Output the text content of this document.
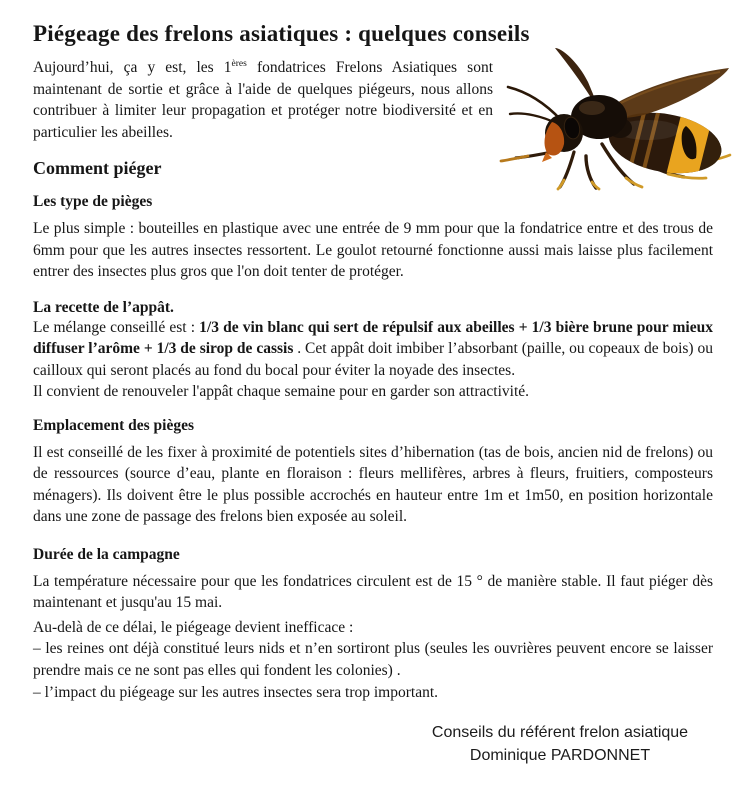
Piégeage des frelons asiatiques : quelques conseils

Aujourd’hui, ça y est, les 1ères fondatrices Frelons Asiatiques sont maintenant de sortie et grâce à l'aide de quelques piégeurs, nous allons contribuer à limiter leur propagation et protéger notre biodiversité et en particulier les abeilles.

Comment piéger
Les type de pièges

Le plus simple : bouteilles en plastique avec une entrée de 9 mm pour que la fondatrice entre et des trous de 6mm pour que les autres insectes ressortent. Le goulot retourné fonctionne aussi mais laisse plus facilement entrer des insectes plus gros que l'on doit tenter de protéger.

La recette de l’appât.

Le mélange conseillé est : 1/3 de vin blanc qui sert de répulsif aux abeilles + 1/3 bière brune pour mieux diffuser l’arôme + 1/3 de sirop de cassis . Cet appât doit imbiber l’absorbant (paille, ou copeaux de bois) ou cailloux qui seront placés au fond du bocal pour éviter la noyade des insectes.

Il convient de renouveler l'appât chaque semaine pour en garder son attractivité.

Emplacement des pièges

Il est conseillé de les fixer à proximité de potentiels sites d’hibernation (tas de bois, ancien nid de frelons) ou de ressources (source d’eau, plante en floraison : fleurs mellifères, arbres à fleurs, fruitiers, composteurs ménagers). Ils doivent être le plus possible accrochés en hauteur entre 1m et 1m50, en position horizontale dans une zone de passage des frelons bien exposée au soleil.

Durée de la campagne

La température nécessaire pour que les fondatrices circulent est de 15 ° de manière stable. Il faut piéger dès maintenant et jusqu'au 15 mai.

Au-delà de ce délai, le piégeage devient inefficace :

– les reines ont déjà constitué leurs nids et n’en sortiront plus (seules les ouvrières peuvent encore se laisser prendre mais ce ne sont pas elles qui fondent les colonies) .

– l’impact du piégeage sur les autres insectes sera trop important.

Conseils du référent frelon asiatique
Dominique PARDONNET
